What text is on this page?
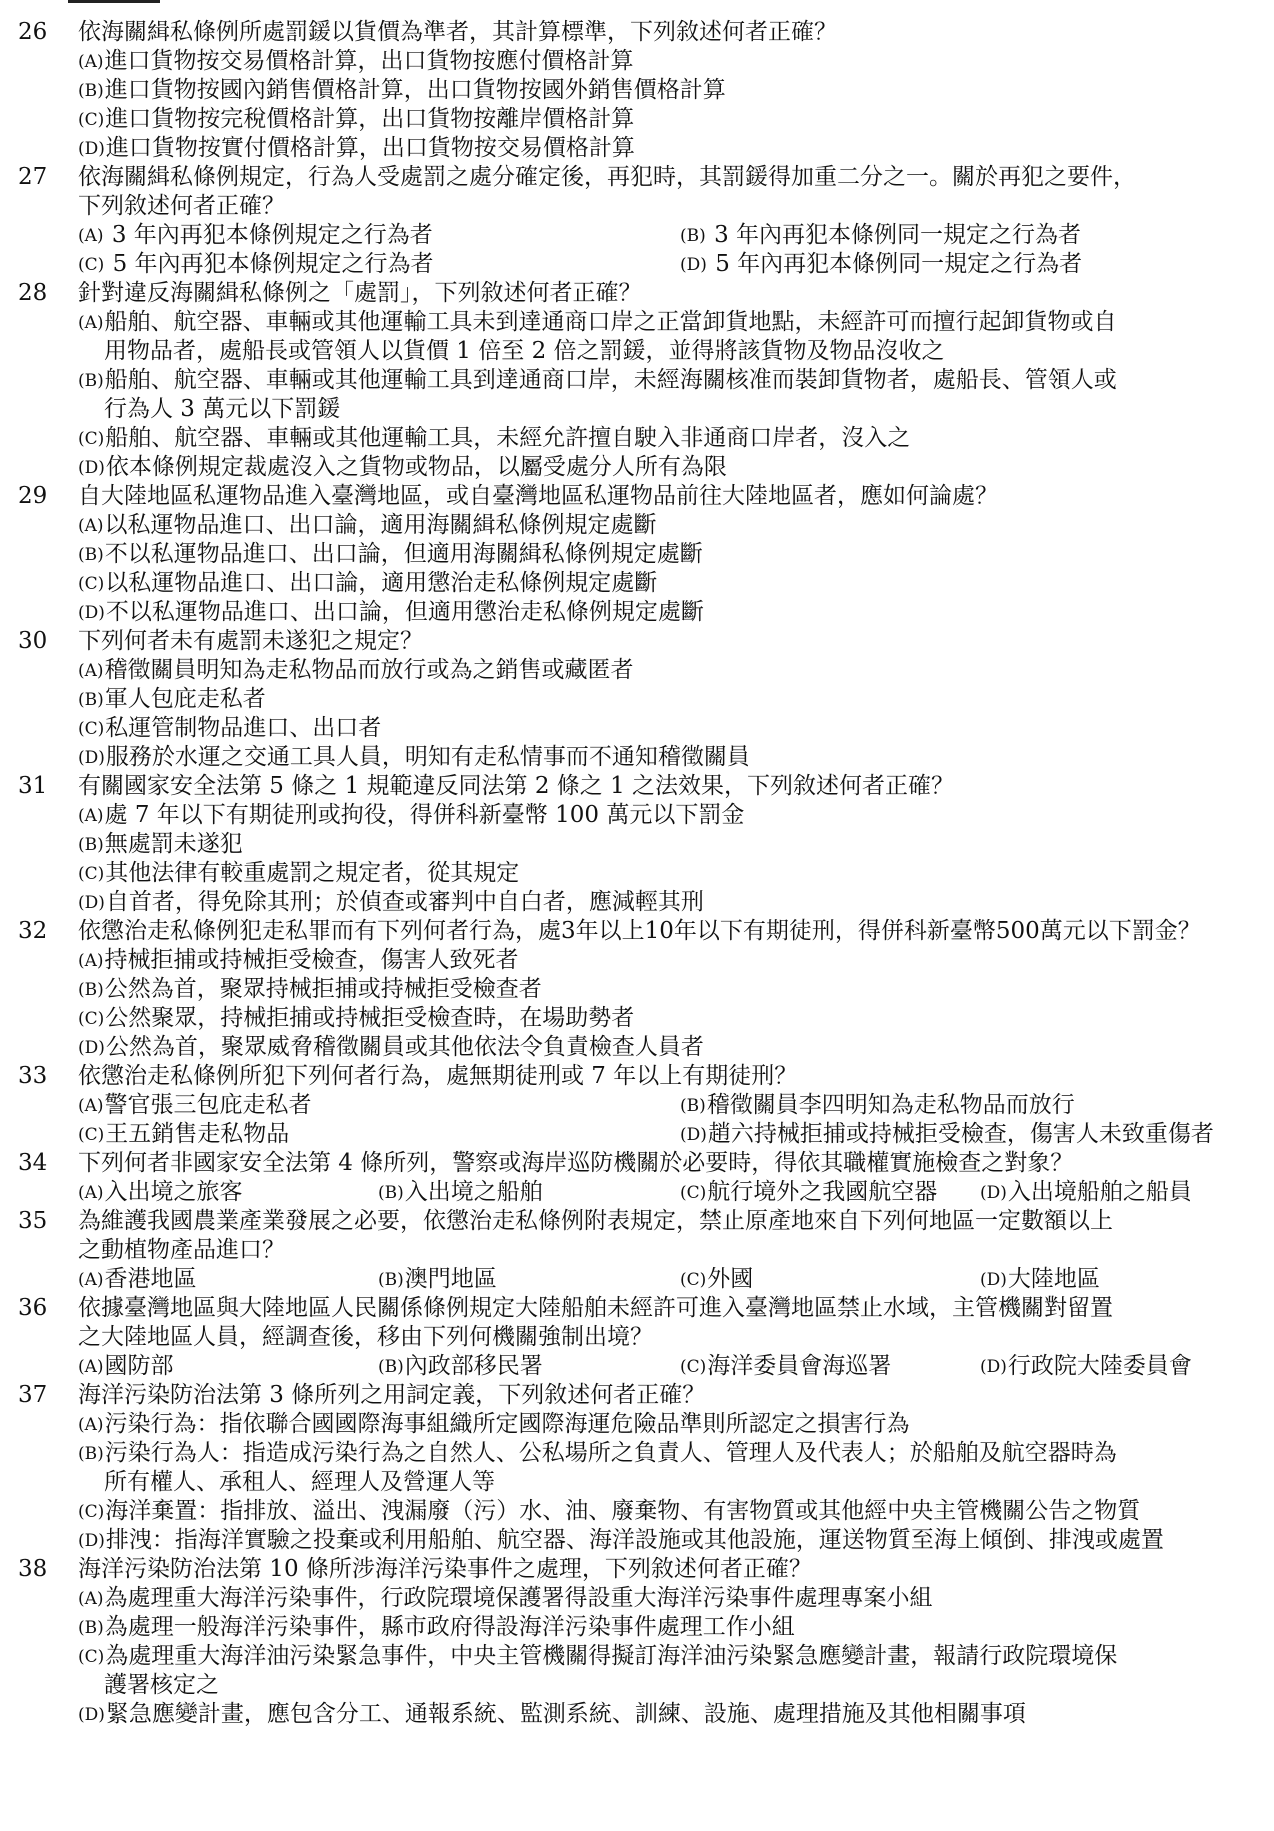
26	依海關緝私條例所處罰鍰以貨價為準者，其計算標準，下列敘述何者正確？
(A)進口貨物按交易價格計算，出口貨物按應付價格計算
(B)進口貨物按國內銷售價格計算，出口貨物按國外銷售價格計算
(C)進口貨物按完稅價格計算，出口貨物按離岸價格計算
(D)進口貨物按實付價格計算，出口貨物按交易價格計算
27	依海關緝私條例規定，行為人受處罰之處分確定後，再犯時，其罰鍰得加重二分之一。關於再犯之要件，
下列敘述何者正確？
(A) 3 年內再犯本條例規定之行為者	(B) 3 年內再犯本條例同一規定之行為者
(C) 5 年內再犯本條例規定之行為者	(D) 5 年內再犯本條例同一規定之行為者
28	針對違反海關緝私條例之「處罰」，下列敘述何者正確？
(A)船舶、航空器、車輛或其他運輸工具未到達通商口岸之正當卸貨地點，未經許可而擅行起卸貨物或自
用物品者，處船長或管領人以貨價 1 倍至 2 倍之罰鍰，並得將該貨物及物品沒收之
(B)船舶、航空器、車輛或其他運輸工具到達通商口岸，未經海關核准而裝卸貨物者，處船長、管領人或
行為人 3 萬元以下罰鍰
(C)船舶、航空器、車輛或其他運輸工具，未經允許擅自駛入非通商口岸者，沒入之
(D)依本條例規定裁處沒入之貨物或物品，以屬受處分人所有為限
29	自大陸地區私運物品進入臺灣地區，或自臺灣地區私運物品前往大陸地區者，應如何論處？
(A)以私運物品進口、出口論，適用海關緝私條例規定處斷
(B)不以私運物品進口、出口論，但適用海關緝私條例規定處斷
(C)以私運物品進口、出口論，適用懲治走私條例規定處斷
(D)不以私運物品進口、出口論，但適用懲治走私條例規定處斷
30	下列何者未有處罰未遂犯之規定？
(A)稽徵關員明知為走私物品而放行或為之銷售或藏匿者
(B)軍人包庇走私者
(C)私運管制物品進口、出口者
(D)服務於水運之交通工具人員，明知有走私情事而不通知稽徵關員
31	有關國家安全法第 5 條之 1 規範違反同法第 2 條之 1 之法效果，下列敘述何者正確？
(A)處 7 年以下有期徒刑或拘役，得併科新臺幣 100 萬元以下罰金
(B)無處罰未遂犯
(C)其他法律有較重處罰之規定者，從其規定
(D)自首者，得免除其刑；於偵查或審判中自白者，應減輕其刑
32	依懲治走私條例犯走私罪而有下列何者行為，處3年以上10年以下有期徒刑，得併科新臺幣500萬元以下罰金？
(A)持械拒捕或持械拒受檢查，傷害人致死者
(B)公然為首，聚眾持械拒捕或持械拒受檢查者
(C)公然聚眾，持械拒捕或持械拒受檢查時，在場助勢者
(D)公然為首，聚眾威脅稽徵關員或其他依法令負責檢查人員者
33	依懲治走私條例所犯下列何者行為，處無期徒刑或 7 年以上有期徒刑？
(A)警官張三包庇走私者	(B)稽徵關員李四明知為走私物品而放行
(C)王五銷售走私物品	(D)趙六持械拒捕或持械拒受檢查，傷害人未致重傷者
34	下列何者非國家安全法第 4 條所列，警察或海岸巡防機關於必要時，得依其職權實施檢查之對象？
(A)入出境之旅客	(B)入出境之船舶	(C)航行境外之我國航空器	(D)入出境船舶之船員
35	為維護我國農業產業發展之必要，依懲治走私條例附表規定，禁止原產地來自下列何地區一定數額以上
之動植物產品進口？
(A)香港地區	(B)澳門地區	(C)外國	(D)大陸地區
36	依據臺灣地區與大陸地區人民關係條例規定大陸船舶未經許可進入臺灣地區禁止水域，主管機關對留置
之大陸地區人員，經調查後，移由下列何機關強制出境？
(A)國防部	(B)內政部移民署	(C)海洋委員會海巡署	(D)行政院大陸委員會
37	海洋污染防治法第 3 條所列之用詞定義，下列敘述何者正確？
(A)污染行為：指依聯合國國際海事組織所定國際海運危險品準則所認定之損害行為
(B)污染行為人：指造成污染行為之自然人、公私場所之負責人、管理人及代表人；於船舶及航空器時為
所有權人、承租人、經理人及營運人等
(C)海洋棄置：指排放、溢出、洩漏廢（污）水、油、廢棄物、有害物質或其他經中央主管機關公告之物質
(D)排洩：指海洋實驗之投棄或利用船舶、航空器、海洋設施或其他設施，運送物質至海上傾倒、排洩或處置
38	海洋污染防治法第 10 條所涉海洋污染事件之處理，下列敘述何者正確？
(A)為處理重大海洋污染事件，行政院環境保護署得設重大海洋污染事件處理專案小組
(B)為處理一般海洋污染事件，縣市政府得設海洋污染事件處理工作小組
(C)為處理重大海洋油污染緊急事件，中央主管機關得擬訂海洋油污染緊急應變計畫，報請行政院環境保
護署核定之
(D)緊急應變計畫，應包含分工、通報系統、監測系統、訓練、設施、處理措施及其他相關事項
